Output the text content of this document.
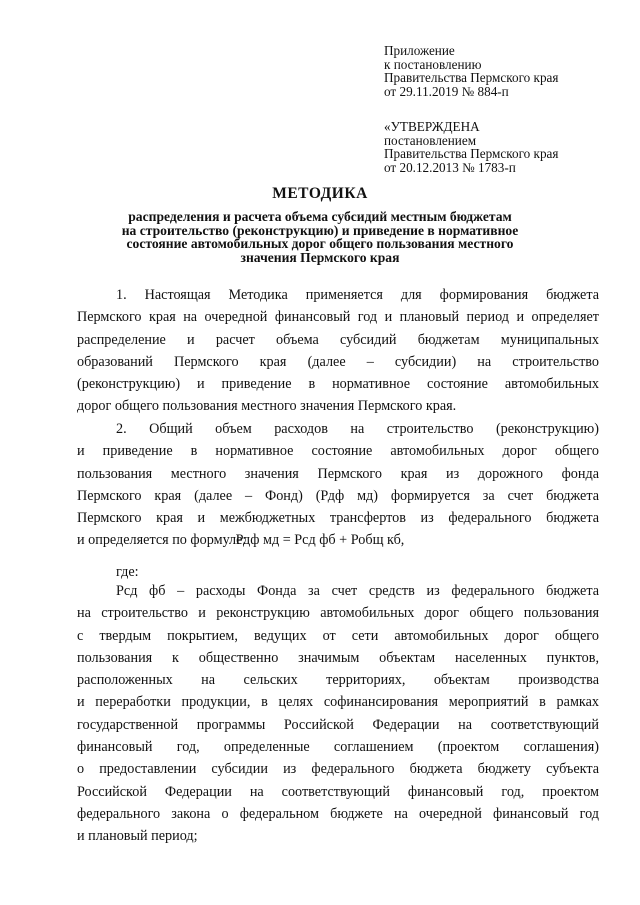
Приложение
к постановлению
Правительства Пермского края
от 29.11.2019 № 884-п
«УТВЕРЖДЕНА
постановлением
Правительства Пермского края
от 20.12.2013 № 1783-п
МЕТОДИКА
распределения и расчета объема субсидий местным бюджетам
на строительство (реконструкцию) и приведение в нормативное
состояние автомобильных дорог общего пользования местного
значения Пермского края
1. Настоящая Методика применяется для формирования бюджета
Пермского края на очередной финансовый год и плановый период и определяет
распределение и расчет объема субсидий бюджетам муниципальных
образований Пермского края (далее – субсидии) на строительство
(реконструкцию) и приведение в нормативное состояние автомобильных
дорог общего пользования местного значения Пермского края.
2. Общий объем расходов на строительство (реконструкцию)
и приведение в нормативное состояние автомобильных дорог общего
пользования местного значения Пермского края из дорожного фонда
Пермского края (далее – Фонд) (Рдф мд) формируется за счет бюджета
Пермского края и межбюджетных трансфертов из федерального бюджета
и определяется по формуле:
Рдф мд = Рсд фб + Робщ кб,
где:
Рсд фб – расходы Фонда за счет средств из федерального бюджета
на строительство и реконструкцию автомобильных дорог общего пользования
с твердым покрытием, ведущих от сети автомобильных дорог общего
пользования к общественно значимым объектам населенных пунктов,
расположенных на сельских территориях, объектам производства
и переработки продукции, в целях софинансирования мероприятий в рамках
государственной программы Российской Федерации на соответствующий
финансовый год, определенные соглашением (проектом соглашения)
о предоставлении субсидии из федерального бюджета бюджету субъекта
Российской Федерации на соответствующий финансовый год, проектом
федерального закона о федеральном бюджете на очередной финансовый год
и плановый период;
